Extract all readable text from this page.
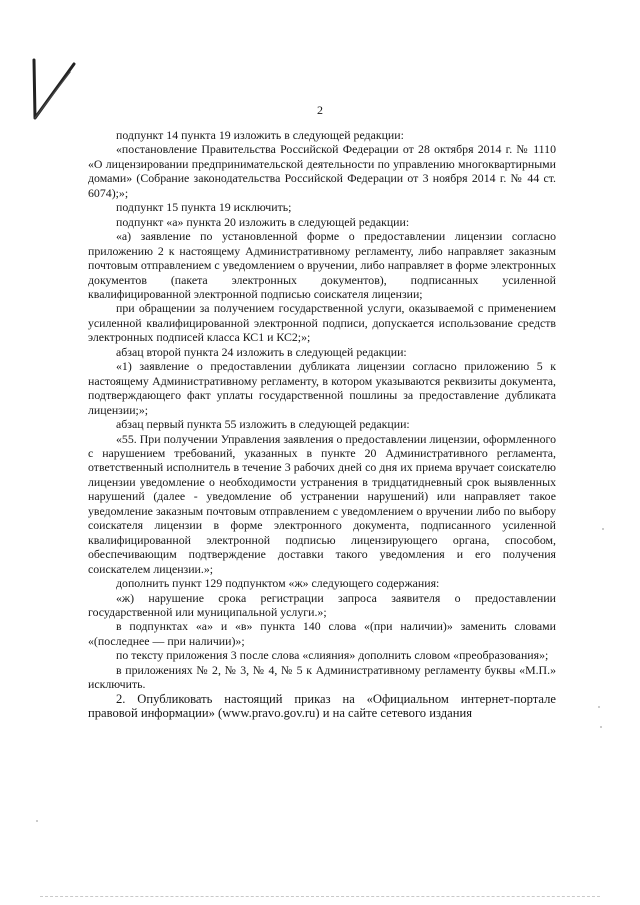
2

подпункт 14 пункта 19 изложить в следующей редакции:

«постановление Правительства Российской Федерации от 28 октября 2014 г. № 1110 «О лицензировании предпринимательской деятельности по управлению многоквартирными домами» (Собрание законодательства Российской Федерации от 3 ноября 2014 г. № 44 ст. 6074);»;

подпункт 15 пункта 19 исключить;

подпункт «а» пункта 20 изложить в следующей редакции:

«а) заявление по установленной форме о предоставлении лицензии согласно приложению 2 к настоящему Административному регламенту, либо направляет заказным почтовым отправлением с уведомлением о вручении, либо направляет в форме электронных документов (пакета электронных документов), подписанных усиленной квалифицированной электронной подписью соискателя лицензии;

при обращении за получением государственной услуги, оказываемой с применением усиленной квалифицированной электронной подписи, допускается использование средств электронных подписей класса КС1 и КС2;»;

абзац второй пункта 24 изложить в следующей редакции:

«1) заявление о предоставлении дубликата лицензии согласно приложению 5 к настоящему Административному регламенту, в котором указываются реквизиты документа, подтверждающего факт уплаты государственной пошлины за предоставление дубликата лицензии;»;

абзац первый пункта 55 изложить в следующей редакции:

«55. При получении Управления заявления о предоставлении лицензии, оформленного с нарушением требований, указанных в пункте 20 Административного регламента, ответственный исполнитель в течение 3 рабочих дней со дня их приема вручает соискателю лицензии уведомление о необходимости устранения в тридцатидневный срок выявленных нарушений (далее - уведомление об устранении нарушений) или направляет такое уведомление заказным почтовым отправлением с уведомлением о вручении либо по выбору соискателя лицензии в форме электронного документа, подписанного усиленной квалифицированной электронной подписью лицензирующего органа, способом, обеспечивающим подтверждение доставки такого уведомления и его получения соискателем лицензии.»;

дополнить пункт 129 подпунктом «ж» следующего содержания:

«ж) нарушение срока регистрации запроса заявителя о предоставлении государственной или муниципальной услуги.»;

в подпунктах «а» и «в» пункта 140 слова «(при наличии)» заменить словами «(последнее — при наличии)»;

по тексту приложения 3 после слова «слияния» дополнить словом «преобразования»;

в приложениях № 2, № 3, № 4, № 5 к Административному регламенту буквы «М.П.» исключить.

2. Опубликовать настоящий приказ на «Официальном интернет-портале правовой информации» (www.pravo.gov.ru) и на сайте сетевого издания
